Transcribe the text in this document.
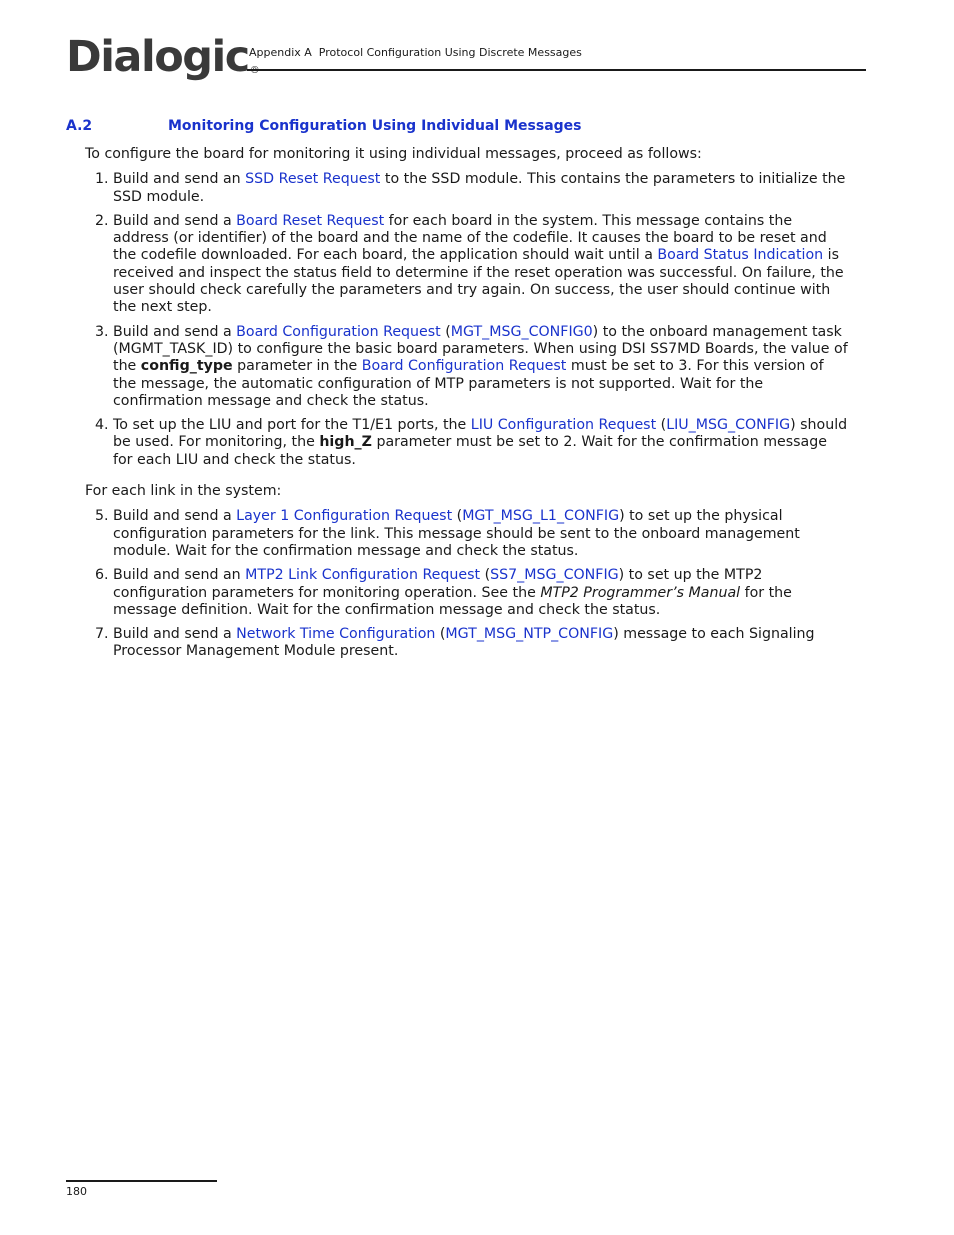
Dialogic®
Appendix A  Protocol Configuration Using Discrete Messages
A.2	Monitoring Configuration Using Individual Messages

To configure the board for monitoring it using individual messages, proceed as follows:

1. Build and send an SSD Reset Request to the SSD module. This contains the parameters to initialize the SSD module.
2. Build and send a Board Reset Request for each board in the system. This message contains the address (or identifier) of the board and the name of the codefile. It causes the board to be reset and the codefile downloaded. For each board, the application should wait until a Board Status Indication is received and inspect the status field to determine if the reset operation was successful. On failure, the user should check carefully the parameters and try again. On success, the user should continue with the next step.
3. Build and send a Board Configuration Request (MGT_MSG_CONFIG0) to the onboard management task (MGMT_TASK_ID) to configure the basic board parameters. When using DSI SS7MD Boards, the value of the config_type parameter in the Board Configuration Request must be set to 3. For this version of the message, the automatic configuration of MTP parameters is not supported. Wait for the confirmation message and check the status.
4. To set up the LIU and port for the T1/E1 ports, the LIU Configuration Request (LIU_MSG_CONFIG) should be used. For monitoring, the high_Z parameter must be set to 2. Wait for the confirmation message for each LIU and check the status.

For each link in the system:

5. Build and send a Layer 1 Configuration Request (MGT_MSG_L1_CONFIG) to set up the physical configuration parameters for the link. This message should be sent to the onboard management module. Wait for the confirmation message and check the status.
6. Build and send an MTP2 Link Configuration Request (SS7_MSG_CONFIG) to set up the MTP2 configuration parameters for monitoring operation. See the MTP2 Programmer’s Manual for the message definition. Wait for the confirmation message and check the status.
7. Build and send a Network Time Configuration (MGT_MSG_NTP_CONFIG) message to each Signaling Processor Management Module present.
180
